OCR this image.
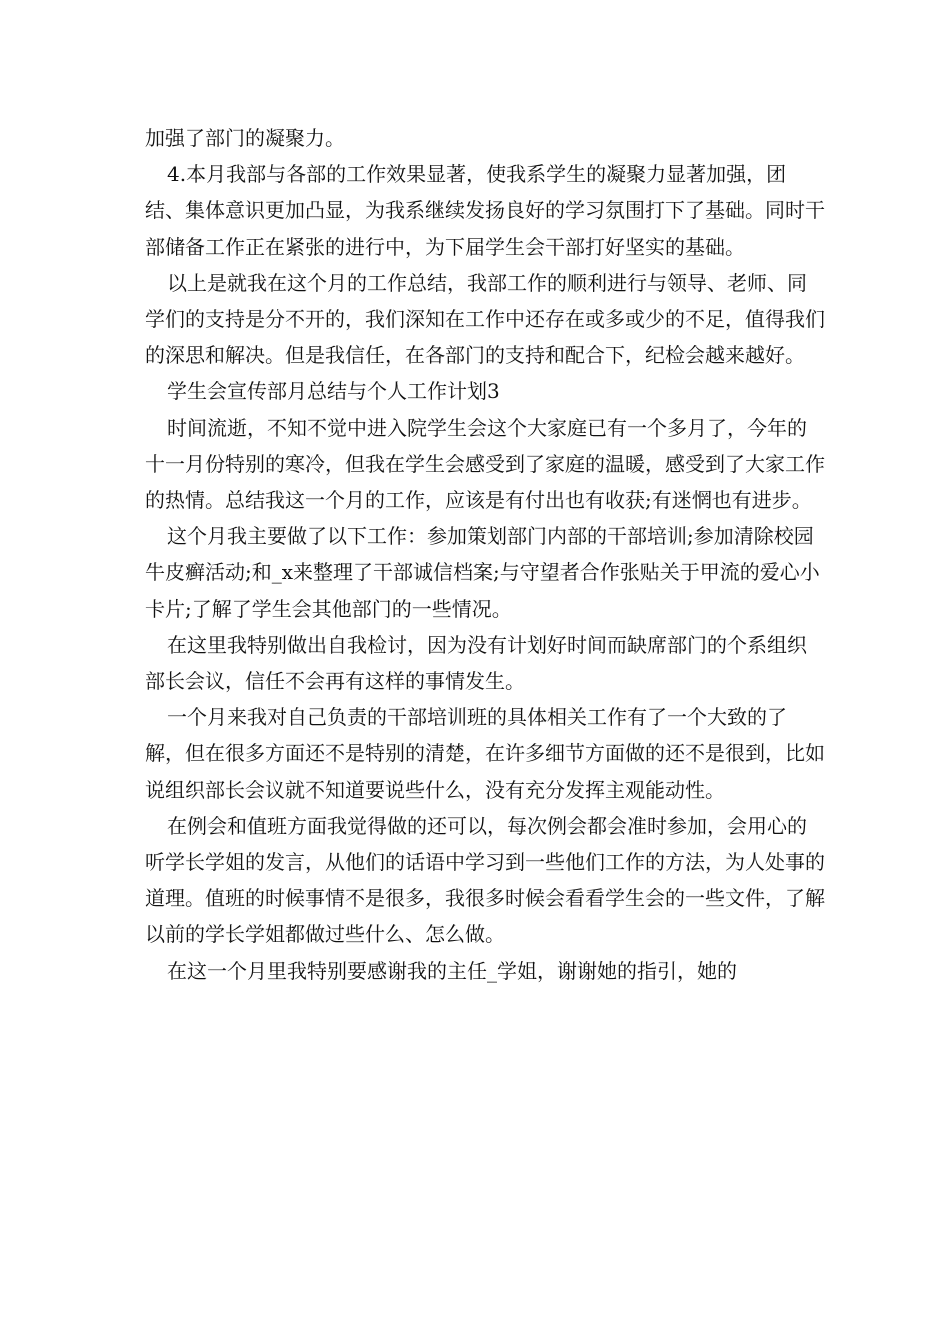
加强了部门的凝聚力。

4.本月我部与各部的工作效果显著，使我系学生的凝聚力显著加强，团结、集体意识更加凸显，为我系继续发扬良好的学习氛围打下了基础。同时干部储备工作正在紧张的进行中，为下届学生会干部打好坚实的基础。

以上是就我在这个月的工作总结，我部工作的顺利进行与领导、老师、同学们的支持是分不开的，我们深知在工作中还存在或多或少的不足，值得我们的深思和解决。但是我信任，在各部门的支持和配合下，纪检会越来越好。

学生会宣传部月总结与个人工作计划3

时间流逝，不知不觉中进入院学生会这个大家庭已有一个多月了，今年的十一月份特别的寒冷，但我在学生会感受到了家庭的温暖，感受到了大家工作的热情。总结我这一个月的工作，应该是有付出也有收获;有迷惘也有进步。

这个月我主要做了以下工作：参加策划部门内部的干部培训;参加清除校园牛皮癣活动;和_x来整理了干部诚信档案;与守望者合作张贴关于甲流的爱心小卡片;了解了学生会其他部门的一些情况。

在这里我特别做出自我检讨，因为没有计划好时间而缺席部门的个系组织部长会议，信任不会再有这样的事情发生。

一个月来我对自己负责的干部培训班的具体相关工作有了一个大致的了解，但在很多方面还不是特别的清楚，在许多细节方面做的还不是很到，比如说组织部长会议就不知道要说些什么，没有充分发挥主观能动性。

在例会和值班方面我觉得做的还可以，每次例会都会准时参加，会用心的听学长学姐的发言，从他们的话语中学习到一些他们工作的方法，为人处事的道理。值班的时候事情不是很多，我很多时候会看看学生会的一些文件，了解以前的学长学姐都做过些什么、怎么做。

在这一个月里我特别要感谢我的主任_学姐，谢谢她的指引，她的
